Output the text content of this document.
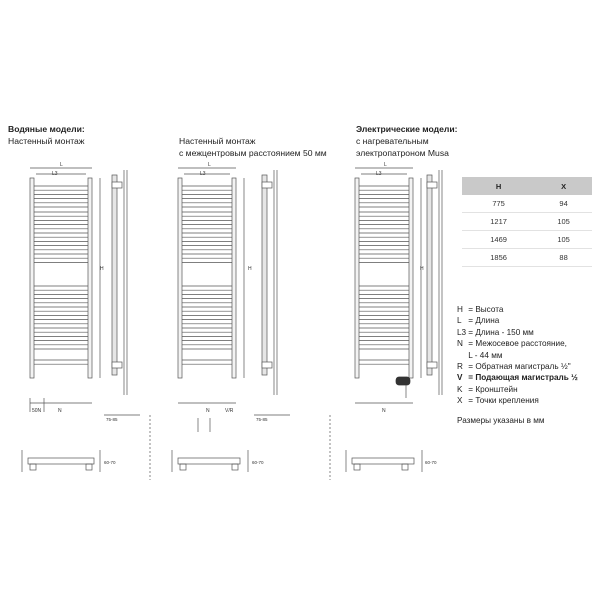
Водяные модели:
Настенный монтаж	Настенный монтаж
с межцентровым расстоянием 50 мм
Электрические модели:
с нагревательным
электропатроном Musa
L
L3
H
N
50N
L
L3
H
N	V/R
L
L3
H
N
75-85	75-85
60-70	60-70	60-70
H	X
775	94
1217	105
1469	105
1856	88
H = Высота
L = Длина
L3 = Длина - 150 мм
N = Межосевое расстояние,
L - 44 мм
R = Обратная магистраль ½"
V = Подающая магистраль ½
K = Кронштейн
X = Точки крепления
Размеры указаны в мм
